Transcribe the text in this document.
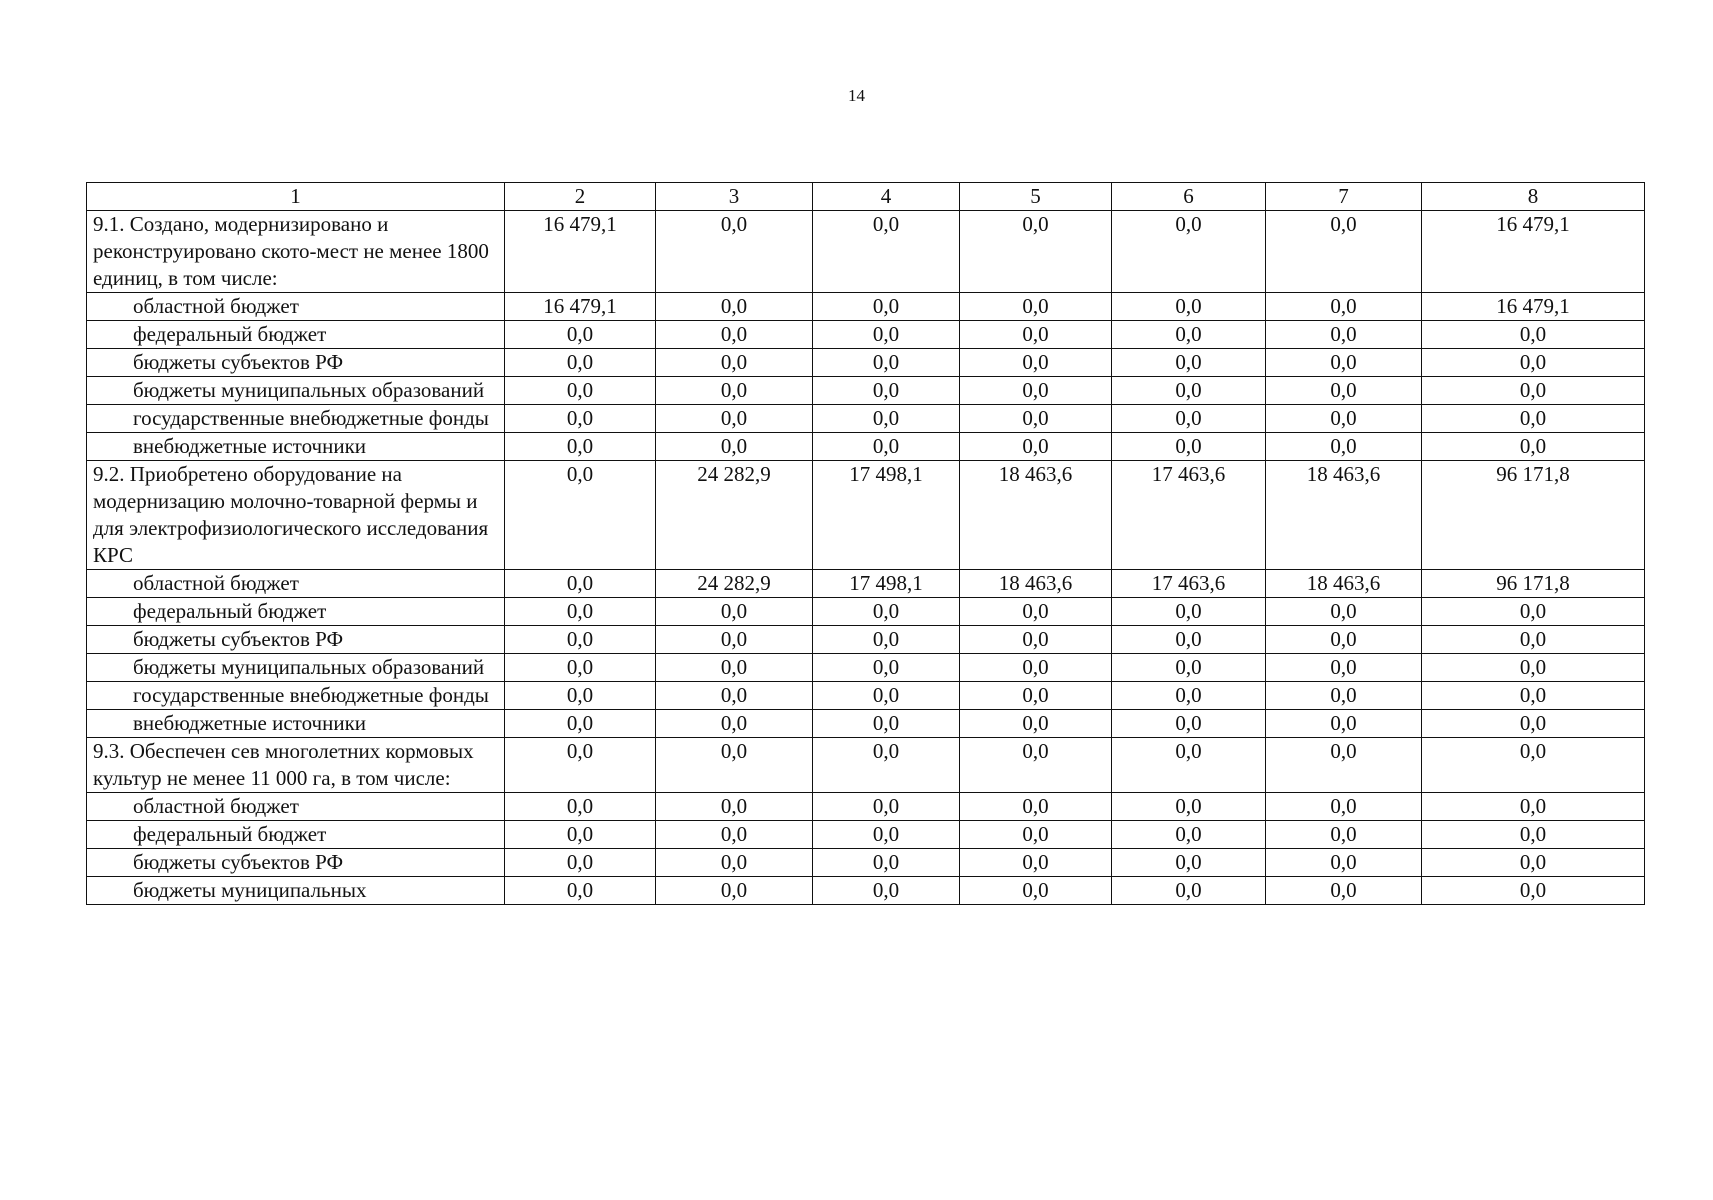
14
1	2	3	4	5	6	7	8
9.1. Создано, модернизировано и реконструировано ското-мест не менее 1800 единиц, в том числе:	16 479,1	0,0	0,0	0,0	0,0	0,0	16 479,1
областной бюджет	16 479,1	0,0	0,0	0,0	0,0	0,0	16 479,1
федеральный бюджет	0,0	0,0	0,0	0,0	0,0	0,0	0,0
бюджеты субъектов РФ	0,0	0,0	0,0	0,0	0,0	0,0	0,0
бюджеты муниципальных образований	0,0	0,0	0,0	0,0	0,0	0,0	0,0
государственные внебюджетные фонды	0,0	0,0	0,0	0,0	0,0	0,0	0,0
внебюджетные источники	0,0	0,0	0,0	0,0	0,0	0,0	0,0
9.2. Приобретено оборудование на модернизацию молочно-товарной фермы и для электрофизиологического исследования КРС	0,0	24 282,9	17 498,1	18 463,6	17 463,6	18 463,6	96 171,8
областной бюджет	0,0	24 282,9	17 498,1	18 463,6	17 463,6	18 463,6	96 171,8
федеральный бюджет	0,0	0,0	0,0	0,0	0,0	0,0	0,0
бюджеты субъектов РФ	0,0	0,0	0,0	0,0	0,0	0,0	0,0
бюджеты муниципальных образований	0,0	0,0	0,0	0,0	0,0	0,0	0,0
государственные внебюджетные фонды	0,0	0,0	0,0	0,0	0,0	0,0	0,0
внебюджетные источники	0,0	0,0	0,0	0,0	0,0	0,0	0,0
9.3. Обеспечен сев многолетних кормовых культур не менее 11 000 га, в том числе:	0,0	0,0	0,0	0,0	0,0	0,0	0,0
областной бюджет	0,0	0,0	0,0	0,0	0,0	0,0	0,0
федеральный бюджет	0,0	0,0	0,0	0,0	0,0	0,0	0,0
бюджеты субъектов РФ	0,0	0,0	0,0	0,0	0,0	0,0	0,0
бюджеты муниципальных	0,0	0,0	0,0	0,0	0,0	0,0	0,0
